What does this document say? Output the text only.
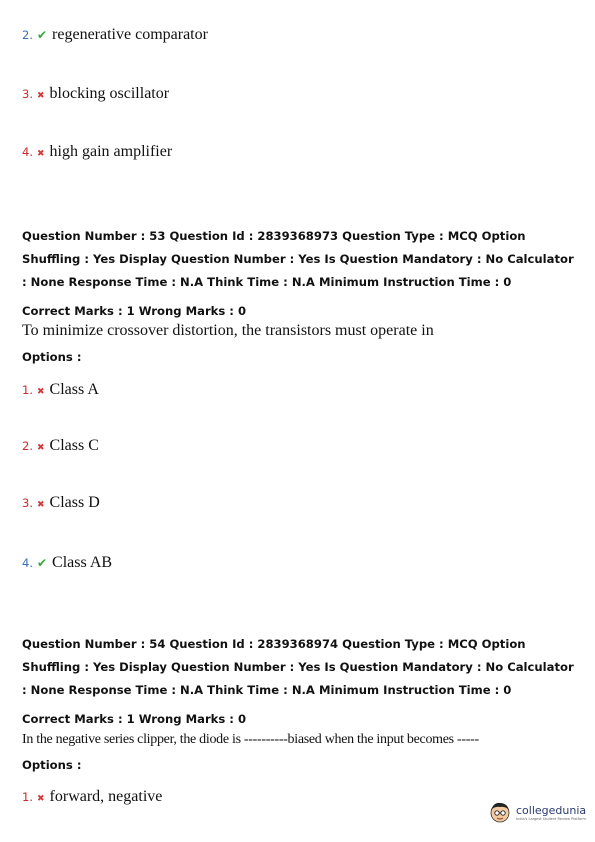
2. ✔ regenerative comparator
3. ✖ blocking oscillator
4. ✖ high gain amplifier
Question Number : 53 Question Id : 2839368973 Question Type : MCQ Option Shuffling : Yes Display Question Number : Yes Is Question Mandatory : No Calculator : None Response Time : N.A Think Time : N.A Minimum Instruction Time : 0
Correct Marks : 1 Wrong Marks : 0
To minimize crossover distortion, the transistors must operate in
Options :
1. ✖ Class A
2. ✖ Class C
3. ✖ Class D
4. ✔ Class AB
Question Number : 54 Question Id : 2839368974 Question Type : MCQ Option Shuffling : Yes Display Question Number : Yes Is Question Mandatory : No Calculator : None Response Time : N.A Think Time : N.A Minimum Instruction Time : 0
Correct Marks : 1 Wrong Marks : 0
In the negative series clipper, the diode is ----------biased when the input becomes -----
Options :
1. ✖ forward, negative
collegedunia
India's Largest Student Review Platform
